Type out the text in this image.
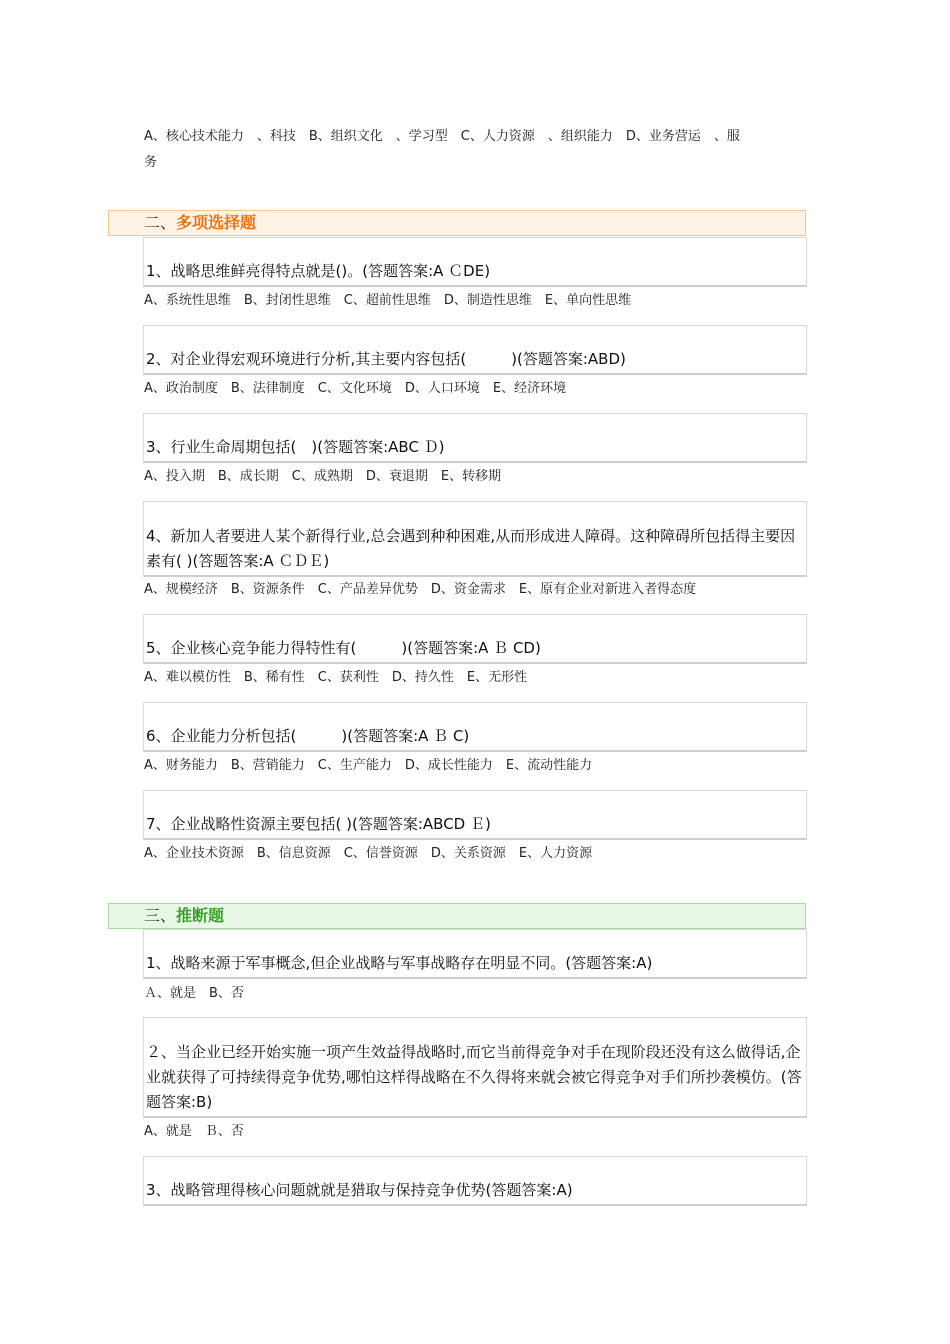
A、核心技术能力　、科技　B、组织文化　、学习型　C、人力资源　、组织能力　D、业务营运　、服
务
二、多项选择题
1、战略思维鲜亮得特点就是()。(答题答案:A ＣDE)
A、系统性思维　B、封闭性思维　C、超前性思维　D、制造性思维　E、单向性思维
2、对企业得宏观环境进行分析,其主要内容包括(　　　)(答题答案:ABD)
A、政治制度　B、法律制度　C、文化环境　D、人口环境　E、经济环境
3、行业生命周期包括(　)(答题答案:ABC Ｄ)
A、投入期　B、成长期　C、成熟期　D、衰退期　E、转移期
4、新加人者要进人某个新得行业,总会遇到种种困难,从而形成进人障碍。这种障碍所包括得主要因素有( )(答题答案:A ＣＤＥ)
A、规模经济　B、资源条件　C、产品差异优势　D、资金需求　E、原有企业对新进入者得态度
5、企业核心竞争能力得特性有(　　　)(答题答案:A Ｂ CD)
A、难以模仿性　B、稀有性　C、获利性　D、持久性　E、无形性
6、企业能力分析包括(　　　)(答题答案:A Ｂ C)
A、财务能力　B、营销能力　C、生产能力　D、成长性能力　E、流动性能力
7、企业战略性资源主要包括( )(答题答案:ABCD Ｅ)
A、企业技术资源　B、信息资源　C、信誉资源　D、关系资源　E、人力资源
三、推断题
1、战略来源于军事概念,但企业战略与军事战略存在明显不同。(答题答案:A)
Ａ、就是　B、否
２、当企业已经开始实施一项产生效益得战略时,而它当前得竞争对手在现阶段还没有这么做得话,企业就获得了可持续得竞争优势,哪怕这样得战略在不久得将来就会被它得竞争对手们所抄袭模仿。(答题答案:B)
A、就是　Ｂ、否
3、战略管理得核心问题就就是猎取与保持竞争优势(答题答案:A)
